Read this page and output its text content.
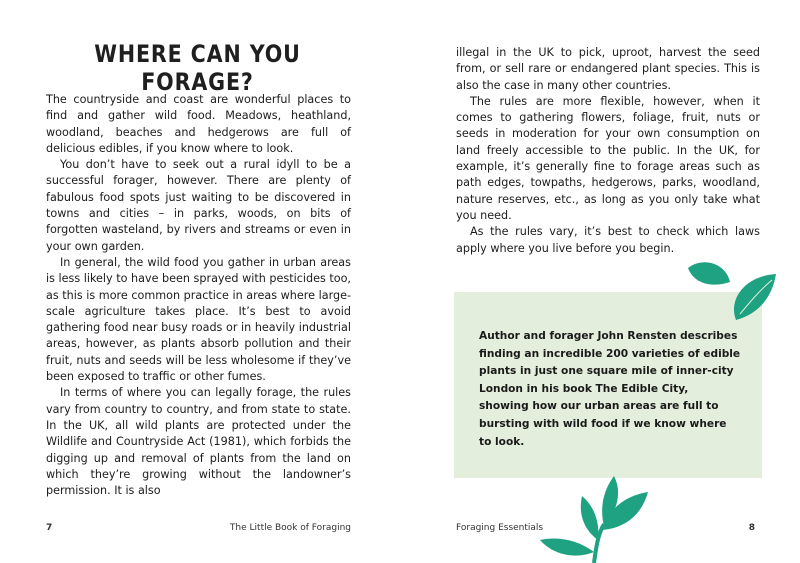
WHERE CAN YOU FORAGE?

The countryside and coast are wonderful places to find and gather wild food. Meadows, heathland, woodland, beaches and hedgerows are full of delicious edibles, if you know where to look.

You don’t have to seek out a rural idyll to be a successful forager, however. There are plenty of fabulous food spots just waiting to be discovered in towns and cities – in parks, woods, on bits of forgotten wasteland, by rivers and streams or even in your own garden.

In general, the wild food you gather in urban areas is less likely to have been sprayed with pesticides too, as this is more common practice in areas where large-scale agriculture takes place. It’s best to avoid gathering food near busy roads or in heavily industrial areas, however, as plants absorb pollution and their fruit, nuts and seeds will be less wholesome if they’ve been exposed to traffic or other fumes.

In terms of where you can legally forage, the rules vary from country to country, and from state to state. In the UK, all wild plants are protected under the Wildlife and Countryside Act (1981), which forbids the digging up and removal of plants from the land on which they’re growing without the landowner’s permission. It is also

7	The Little Book of Foraging

illegal in the UK to pick, uproot, harvest the seed from, or sell rare or endangered plant species. This is also the case in many other countries.

The rules are more flexible, however, when it comes to gathering flowers, foliage, fruit, nuts or seeds in moderation for your own consumption on land freely accessible to the public. In the UK, for example, it’s generally fine to forage areas such as path edges, towpaths, hedgerows, parks, woodland, nature reserves, etc., as long as you only take what you need.

As the rules vary, it’s best to check which laws apply where you live before you begin.

Author and forager John Rensten describes finding an incredible 200 varieties of edible plants in just one square mile of inner-city London in his book The Edible City, showing how our urban areas are full to bursting with wild food if we know where to look.
Foraging Essentials	8
